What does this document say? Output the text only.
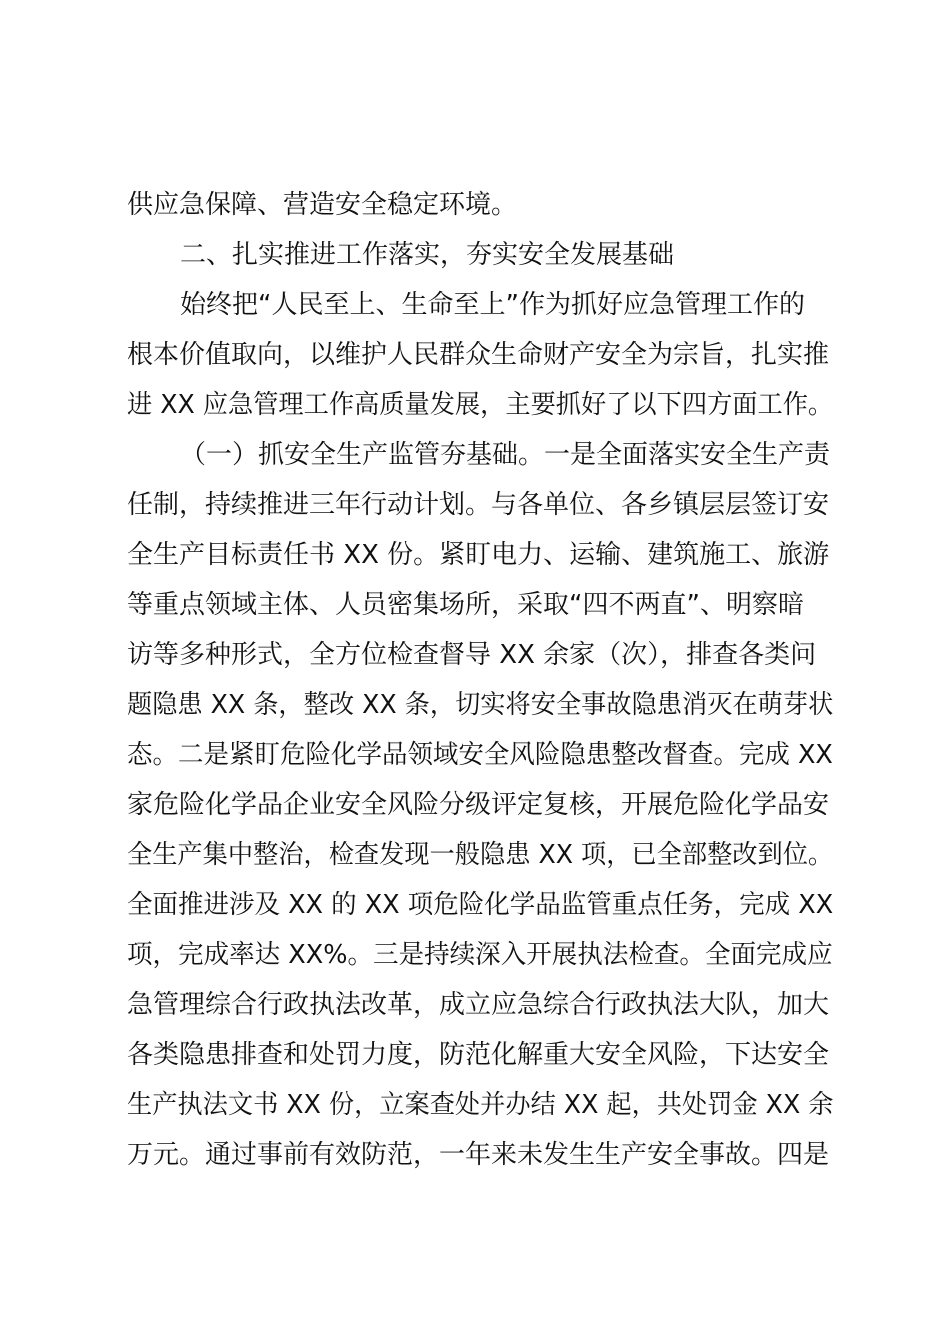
供应急保障、营造安全稳定环境。
二、扎实推进工作落实，夯实安全发展基础
始终把“人民至上、生命至上”作为抓好应急管理工作的
根本价值取向，以维护人民群众生命财产安全为宗旨，扎实推
进 XX 应急管理工作高质量发展，主要抓好了以下四方面工作。
（一）抓安全生产监管夯基础。一是全面落实安全生产责
任制，持续推进三年行动计划。与各单位、各乡镇层层签订安
全生产目标责任书 XX 份。紧盯电力、运输、建筑施工、旅游
等重点领域主体、人员密集场所，采取“四不两直”、明察暗
访等多种形式，全方位检查督导 XX 余家（次），排查各类问
题隐患 XX 条，整改 XX 条，切实将安全事故隐患消灭在萌芽状
态。二是紧盯危险化学品领域安全风险隐患整改督查。完成 XX
家危险化学品企业安全风险分级评定复核，开展危险化学品安
全生产集中整治，检查发现一般隐患 XX 项，已全部整改到位。
全面推进涉及 XX 的 XX 项危险化学品监管重点任务，完成 XX
项，完成率达 XX%。三是持续深入开展执法检查。全面完成应
急管理综合行政执法改革，成立应急综合行政执法大队，加大
各类隐患排查和处罚力度，防范化解重大安全风险，下达安全
生产执法文书 XX 份，立案查处并办结 XX 起，共处罚金 XX 余
万元。通过事前有效防范，一年来未发生生产安全事故。四是
